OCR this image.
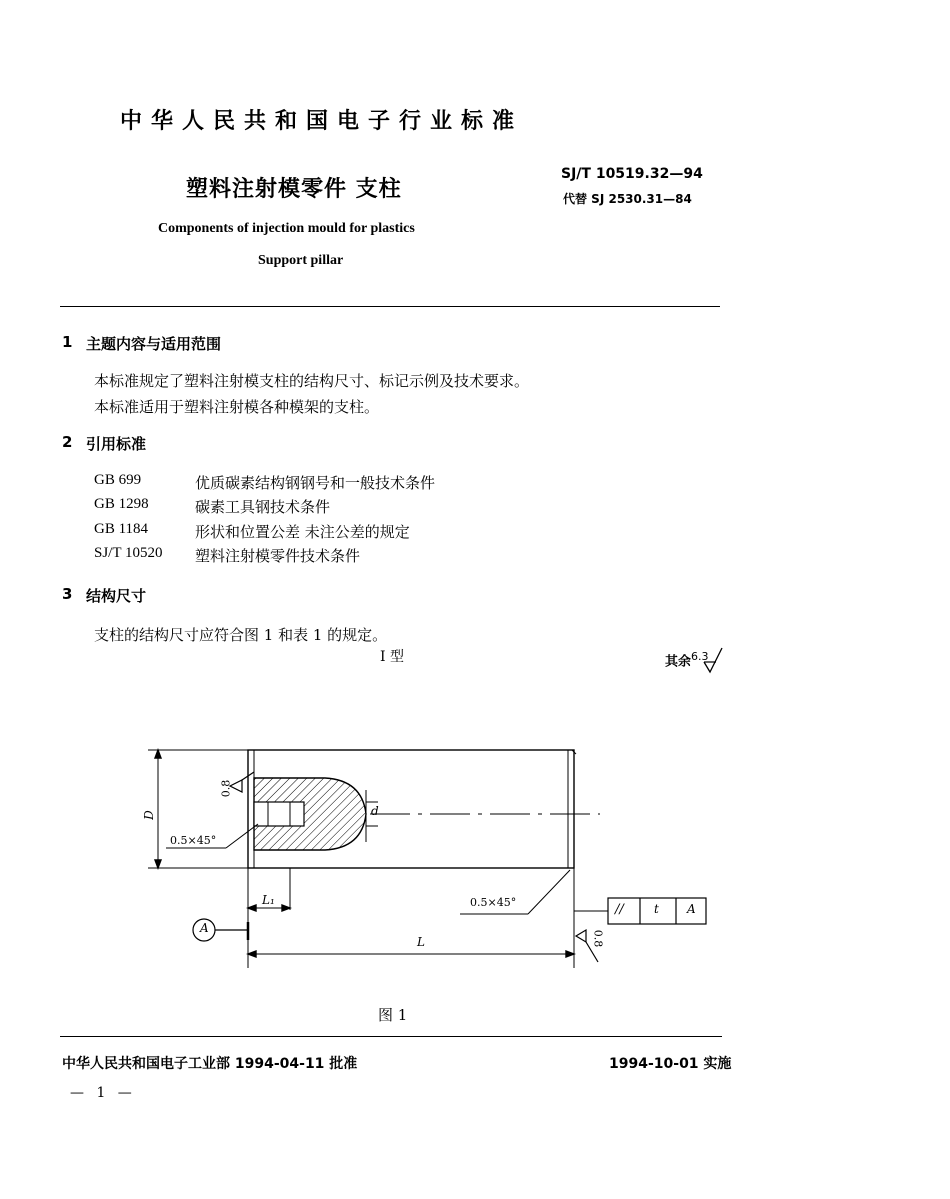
中华人民共和国电子行业标准
塑料注射模零件 支柱
SJ/T 10519.32—94
代替 SJ 2530.31—84
Components of injection mould for plastics
Support pillar
1 主题内容与适用范围
本标准规定了塑料注射模支柱的结构尺寸、标记示例及技术要求。
本标准适用于塑料注射模各种模架的支柱。
2 引用标准
GB 699	优质碳素结构钢钢号和一般技术条件
GB 1298	碳素工具钢技术条件
GB 1184	形状和位置公差 未注公差的规定
SJ/T 10520 塑料注射模零件技术条件
3 结构尺寸
支柱的结构尺寸应符合图 1 和表 1 的规定。
I 型	其余$^{6.3}$
D	d
0.8
0.5×45°
L₁	0.5×45°
A
L	0.8
//	t A
图 1
中华人民共和国电子工业部 1994-04-11 批准	1994-10-01 实施
— 1 —
